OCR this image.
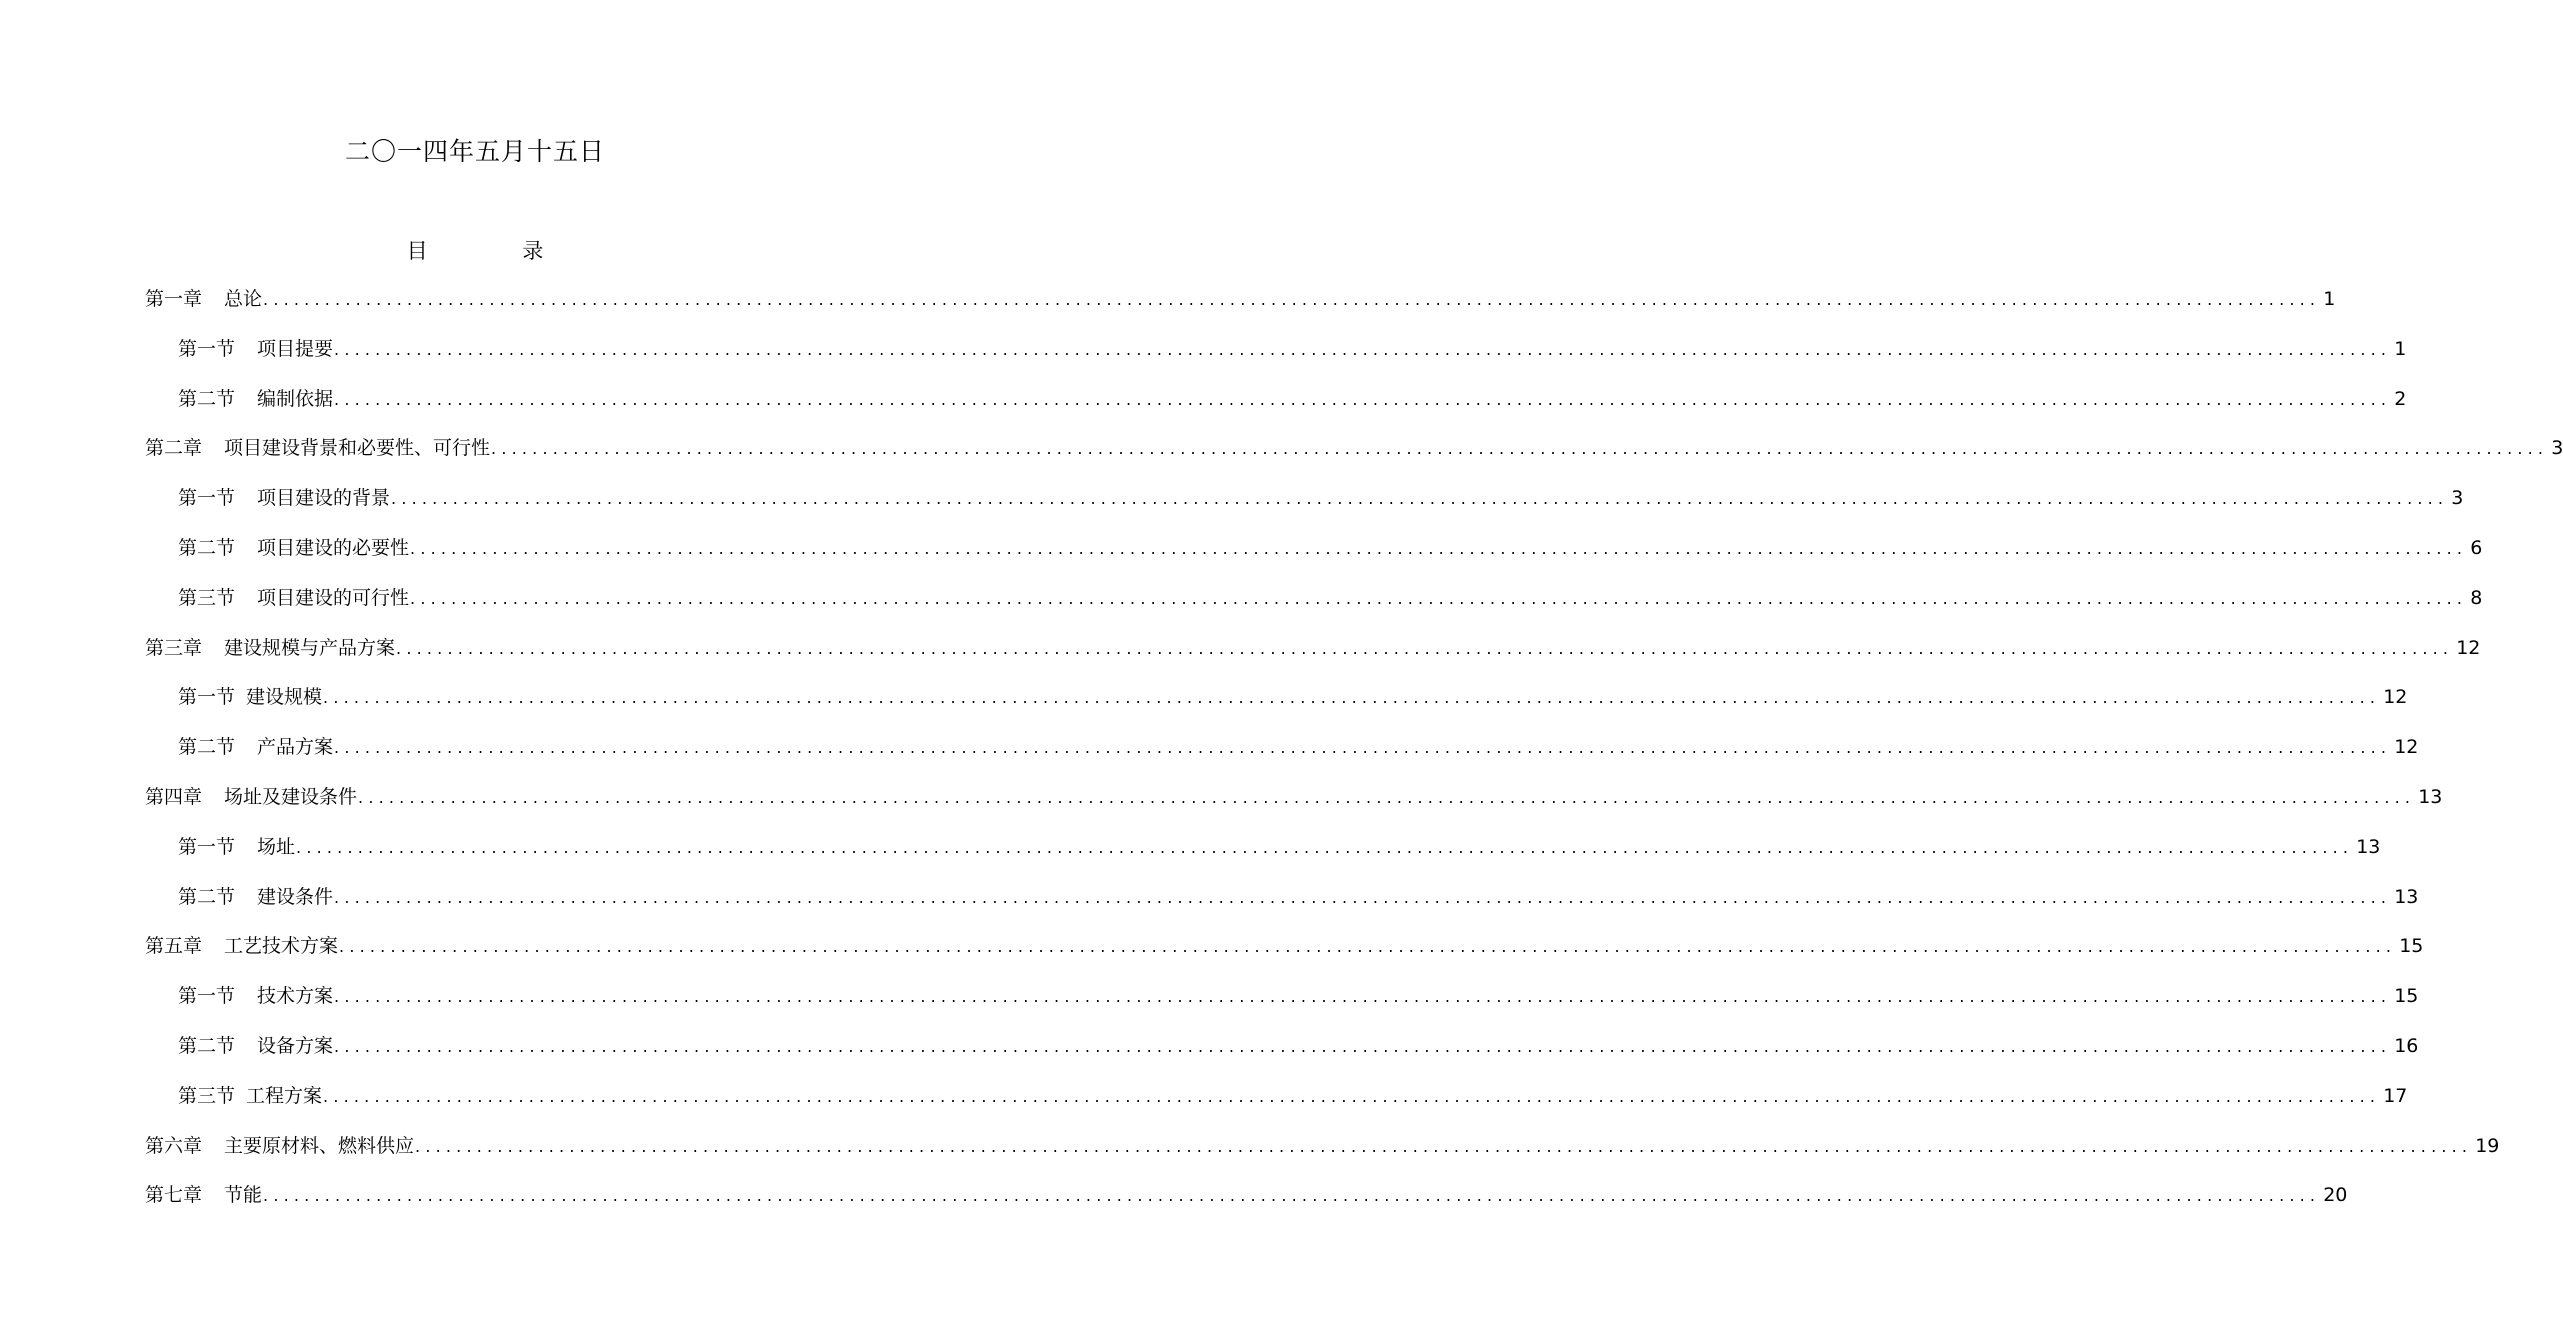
二〇一四年五月十五日
目 录
第一章 总论 ........................................................................................................................................................................................................ 1
第一节 项目提要 ........................................................................................................................................................................................................ 1
第二节 编制依据 ........................................................................................................................................................................................................ 2
第二章 项目建设背景和必要性、可行性 ........................................................................................................................................................................................................ 3
第一节 项目建设的背景 ........................................................................................................................................................................................................ 3
第二节 项目建设的必要性 ........................................................................................................................................................................................................ 6
第三节 项目建设的可行性 ........................................................................................................................................................................................................ 8
第三章 建设规模与产品方案 ........................................................................................................................................................................................................ 12
第一节 建设规模 ........................................................................................................................................................................................................ 12
第二节 产品方案 ........................................................................................................................................................................................................ 12
第四章 场址及建设条件 ........................................................................................................................................................................................................ 13
第一节 场址 ........................................................................................................................................................................................................ 13
第二节 建设条件 ........................................................................................................................................................................................................ 13
第五章 工艺技术方案 ........................................................................................................................................................................................................ 15
第一节 技术方案 ........................................................................................................................................................................................................ 15
第二节 设备方案 ........................................................................................................................................................................................................ 16
第三节 工程方案 ........................................................................................................................................................................................................ 17
第六章 主要原材料、燃料供应 ........................................................................................................................................................................................................ 19
第七章 节能 ........................................................................................................................................................................................................ 20
